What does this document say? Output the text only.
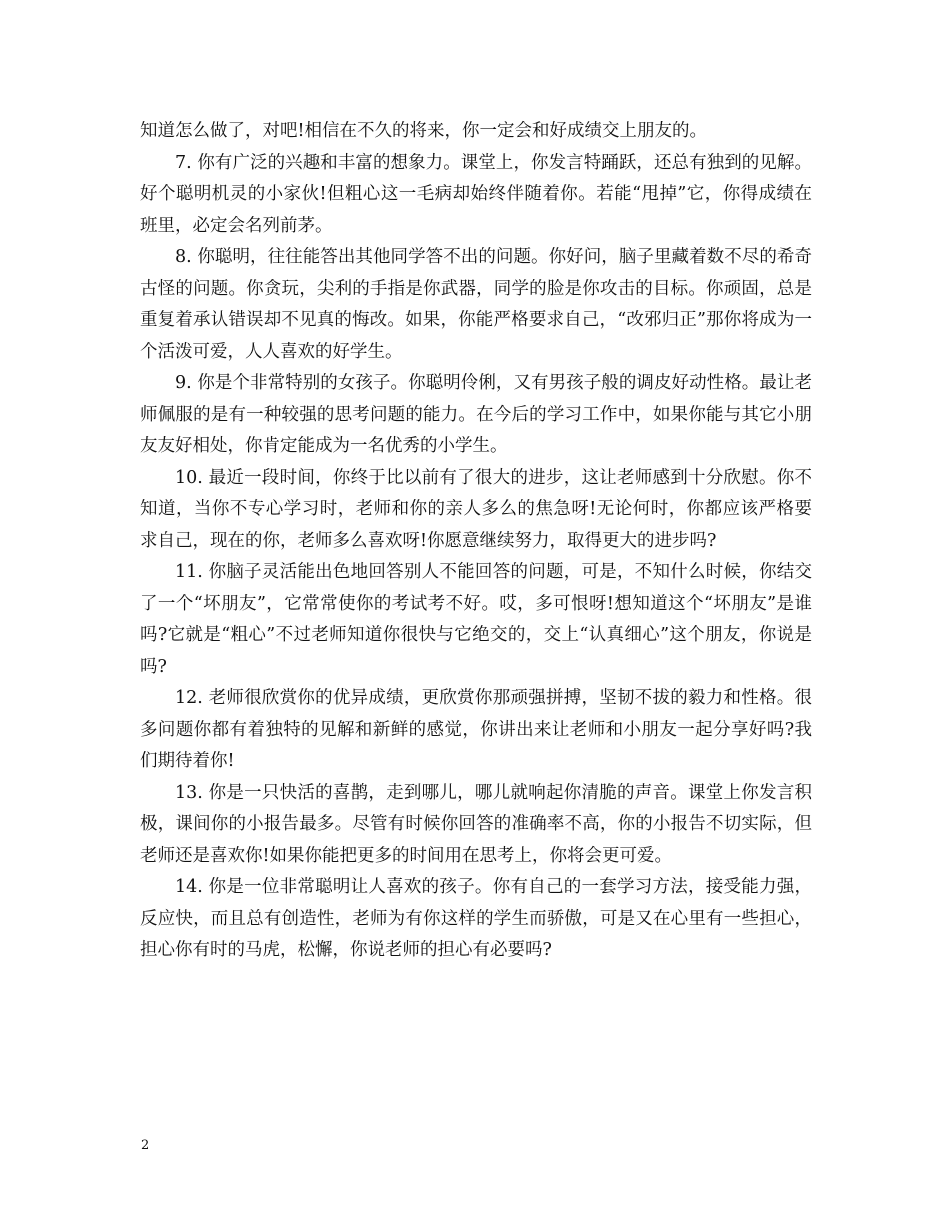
知道怎么做了，对吧!相信在不久的将来，你一定会和好成绩交上朋友的。

7. 你有广泛的兴趣和丰富的想象力。课堂上，你发言特踊跃，还总有独到的见解。好个聪明机灵的小家伙!但粗心这一毛病却始终伴随着你。若能“甩掉”它，你得成绩在班里，必定会名列前茅。

8. 你聪明，往往能答出其他同学答不出的问题。你好问，脑子里藏着数不尽的希奇古怪的问题。你贪玩，尖利的手指是你武器，同学的脸是你攻击的目标。你顽固，总是重复着承认错误却不见真的悔改。如果，你能严格要求自己，“改邪归正”那你将成为一个活泼可爱，人人喜欢的好学生。

9. 你是个非常特别的女孩子。你聪明伶俐，又有男孩子般的调皮好动性格。最让老师佩服的是有一种较强的思考问题的能力。在今后的学习工作中，如果你能与其它小朋友友好相处，你肯定能成为一名优秀的小学生。

10. 最近一段时间，你终于比以前有了很大的进步，这让老师感到十分欣慰。你不知道，当你不专心学习时，老师和你的亲人多么的焦急呀!无论何时，你都应该严格要求自己，现在的你，老师多么喜欢呀!你愿意继续努力，取得更大的进步吗?

11. 你脑子灵活能出色地回答别人不能回答的问题，可是，不知什么时候，你结交了一个“坏朋友”，它常常使你的考试考不好。哎，多可恨呀!想知道这个“坏朋友”是谁吗?它就是“粗心”不过老师知道你很快与它绝交的，交上“认真细心”这个朋友，你说是吗?

12. 老师很欣赏你的优异成绩，更欣赏你那顽强拼搏，坚韧不拔的毅力和性格。很多问题你都有着独特的见解和新鲜的感觉，你讲出来让老师和小朋友一起分享好吗?我们期待着你!

13. 你是一只快活的喜鹊，走到哪儿，哪儿就响起你清脆的声音。课堂上你发言积极，课间你的小报告最多。尽管有时候你回答的准确率不高，你的小报告不切实际，但老师还是喜欢你!如果你能把更多的时间用在思考上，你将会更可爱。

14. 你是一位非常聪明让人喜欢的孩子。你有自己的一套学习方法，接受能力强，反应快，而且总有创造性，老师为有你这样的学生而骄傲，可是又在心里有一些担心，担心你有时的马虎，松懈，你说老师的担心有必要吗?

2
